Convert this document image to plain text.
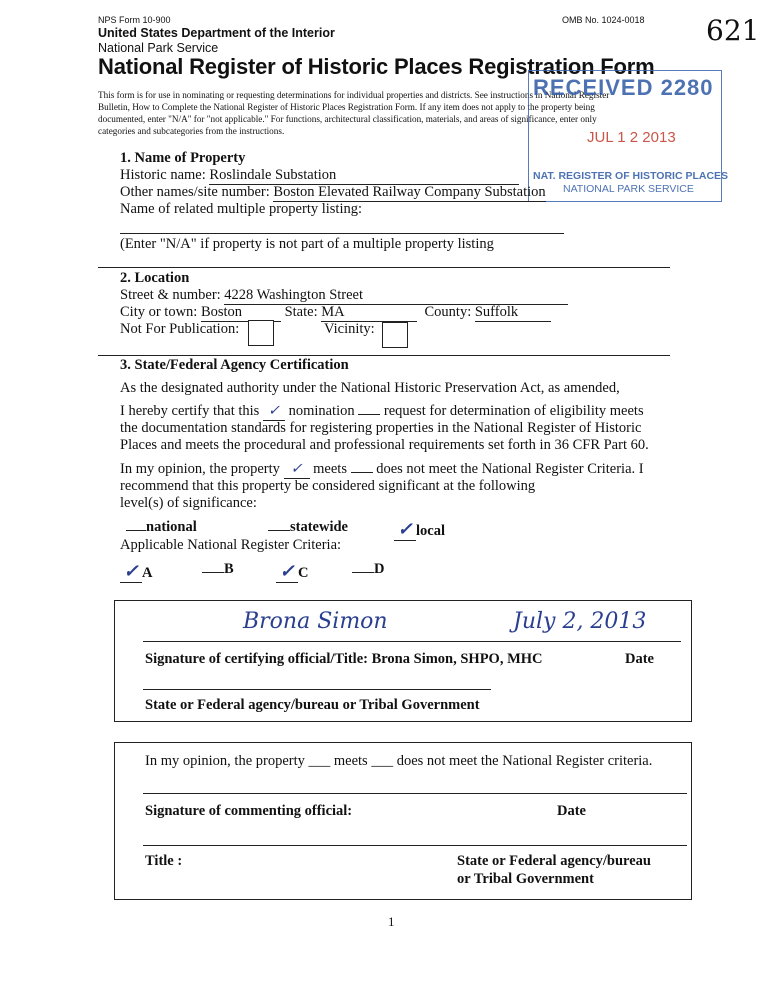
NPS Form 10-900	OMB No. 1024-0018 621
United States Department of the Interior
National Park Service
National Register of Historic Places Registration Form
This form is for use in nominating or requesting determinations for individual properties and districts. See instructions in National Register
Bulletin, How to Complete the National Register of Historic Places Registration Form. If any item does not apply to the property being
documented, enter "N/A" for "not applicable." For functions, architectural classification, materials, and areas of significance, enter only
categories and subcategories from the instructions.
RECEIVED 2280
JUL 1 2 2013
NAT. REGISTER OF HISTORIC PLACES
NATIONAL PARK SERVICE
1. Name of Property
Historic name: Roslindale Substation
Other names/site number: Boston Elevated Railway Company Substation
Name of related multiple property listing:
(Enter "N/A" if property is not part of a multiple property listing
2. Location
Street & number: 4228 Washington Street
City or town: Boston	State: MA	County: Suffolk
Not For Publication:	Vicinity:
3. State/Federal Agency Certification
As the designated authority under the National Historic Preservation Act, as amended,
I hereby certify that this ✓ nomination request for determination of eligibility meets
the documentation standards for registering properties in the National Register of Historic
Places and meets the procedural and professional requirements set forth in 36 CFR Part 60.
In my opinion, the property ✓ meets does not meet the National Register Criteria. I
recommend that this property be considered significant at the following
level(s) of significance:
national	statewide	✓ local
Applicable National Register Criteria:
✓ A	B	✓ C	D
Brona Simon	July 2, 2013
Signature of certifying official/Title: Brona Simon, SHPO, MHC	Date
State or Federal agency/bureau or Tribal Government
In my opinion, the property ___ meets ___ does not meet the National Register criteria.
Signature of commenting official:	Date
Title :	State or Federal agency/bureau
or Tribal Government
1
